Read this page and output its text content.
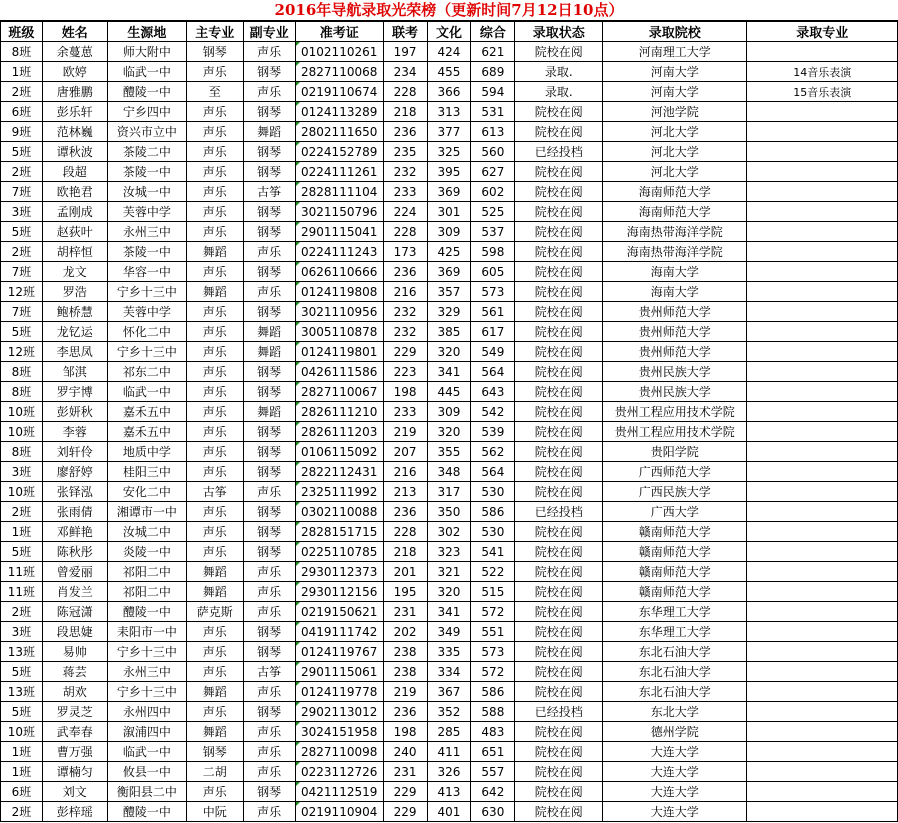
2016年导航录取光荣榜（更新时间7月12日10点）
班级	姓名	生源地	主专业	副专业	准考证	联考	文化	综合	录取状态	录取院校	录取专业
8班	余蔓葸	师大附中	钢琴	声乐	0102110261	197	424	621	院校在阅	河南理工大学	
1班	欧婷	临武一中	声乐	钢琴	2827110068	234	455	689	录取.	河南大学	14音乐表演
2班	唐雅鹏	醴陵一中	至	声乐	0219110674	228	366	594	录取.	河南大学	15音乐表演
6班	彭乐轩	宁乡四中	声乐	钢琴	0124113289	218	313	531	院校在阅	河池学院	
9班	范林巍	资兴市立中	声乐	舞蹈	2802111650	236	377	613	院校在阅	河北大学	
5班	谭秋波	茶陵二中	声乐	钢琴	0224152789	235	325	560	已经投档	河北大学	
2班	段超	茶陵一中	声乐	钢琴	0224111261	232	395	627	院校在阅	河北大学	
7班	欧艳君	汝城一中	声乐	古筝	2828111104	233	369	602	院校在阅	海南师范大学	
3班	孟刚成	芙蓉中学	声乐	钢琴	3021150796	224	301	525	院校在阅	海南师范大学	
5班	赵荻叶	永州三中	声乐	钢琴	2901115041	228	309	537	院校在阅	海南热带海洋学院	
2班	胡梓恒	茶陵一中	舞蹈	声乐	0224111243	173	425	598	院校在阅	海南热带海洋学院	
7班	龙文	华容一中	声乐	钢琴	0626110666	236	369	605	院校在阅	海南大学	
12班	罗浩	宁乡十三中	舞蹈	声乐	0124119808	216	357	573	院校在阅	海南大学	
7班	鲍桥慧	芙蓉中学	声乐	钢琴	3021110956	232	329	561	院校在阅	贵州师范大学	
5班	龙钇运	怀化二中	声乐	舞蹈	3005110878	232	385	617	院校在阅	贵州师范大学	
12班	李思凤	宁乡十三中	声乐	舞蹈	0124119801	229	320	549	院校在阅	贵州师范大学	
8班	邹淇	祁东二中	声乐	钢琴	0426111586	223	341	564	院校在阅	贵州民族大学	
8班	罗宇博	临武一中	声乐	钢琴	2827110067	198	445	643	院校在阅	贵州民族大学	
10班	彭妍秋	嘉禾五中	声乐	舞蹈	2826111210	233	309	542	院校在阅	贵州工程应用技术学院	
10班	李蓉	嘉禾五中	声乐	钢琴	2826111203	219	320	539	院校在阅	贵州工程应用技术学院	
8班	刘轩伶	地质中学	声乐	钢琴	0106115092	207	355	562	院校在阅	贵阳学院	
3班	廖舒婷	桂阳三中	声乐	钢琴	2822112431	216	348	564	院校在阅	广西师范大学	
10班	张铎泓	安化二中	古筝	声乐	2325111992	213	317	530	院校在阅	广西民族大学	
2班	张雨倩	湘谭市一中	声乐	钢琴	0302110088	236	350	586	已经投档	广西大学	
1班	邓鲜艳	汝城二中	声乐	钢琴	2828151715	228	302	530	院校在阅	赣南师范大学	
5班	陈秋彤	炎陵一中	声乐	钢琴	0225110785	218	323	541	院校在阅	赣南师范大学	
11班	曾爱丽	祁阳二中	舞蹈	声乐	2930112373	201	321	522	院校在阅	赣南师范大学	
11班	肖发兰	祁阳二中	舞蹈	声乐	2930112156	195	320	515	院校在阅	赣南师范大学	
2班	陈冠潇	醴陵一中	萨克斯	声乐	0219150621	231	341	572	院校在阅	东华理工大学	
3班	段思婕	耒阳市一中	声乐	钢琴	0419111742	202	349	551	院校在阅	东华理工大学	
13班	易帅	宁乡十三中	声乐	钢琴	0124119767	238	335	573	院校在阅	东北石油大学	
5班	蒋芸	永州三中	声乐	古筝	2901115061	238	334	572	院校在阅	东北石油大学	
13班	胡欢	宁乡十三中	舞蹈	声乐	0124119778	219	367	586	院校在阅	东北石油大学	
5班	罗灵芝	永州四中	声乐	钢琴	2902113012	236	352	588	已经投档	东北大学	
10班	武奉春	溆浦四中	舞蹈	声乐	3024151958	198	285	483	院校在阅	德州学院	
1班	曹万强	临武一中	钢琴	声乐	2827110098	240	411	651	院校在阅	大连大学	
1班	谭楠匀	攸县一中	二胡	声乐	0223112726	231	326	557	院校在阅	大连大学	
6班	刘文	衡阳县二中	声乐	钢琴	0421112519	229	413	642	院校在阅	大连大学	
2班	彭梓瑶	醴陵一中	中阮	声乐	0219110904	229	401	630	院校在阅	大连大学	
